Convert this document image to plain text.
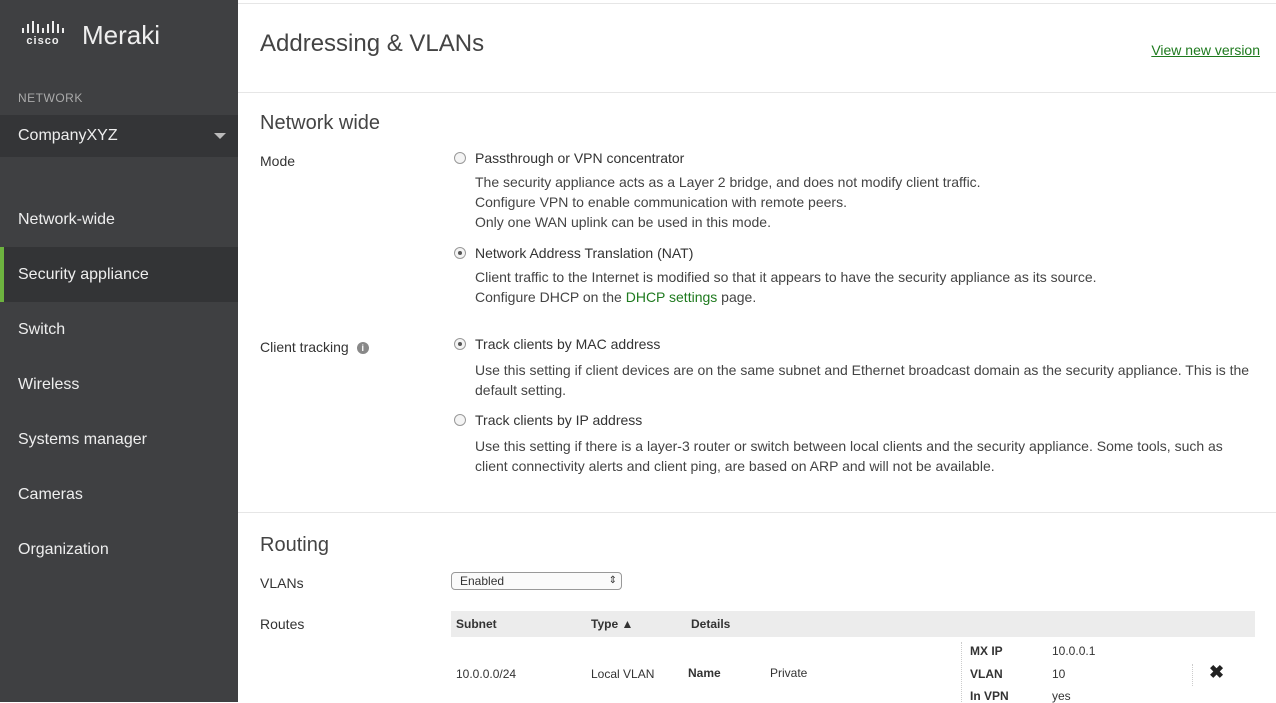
cisco Meraki
NETWORK
CompanyXYZ
Network-wide
Security appliance
Switch
Wireless
Systems manager
Cameras
Organization
Addressing & VLANs	View new version
Network wide
Mode	Passthrough or VPN concentrator
The security appliance acts as a Layer 2 bridge, and does not modify client traffic.
Configure VPN to enable communication with remote peers.
Only one WAN uplink can be used in this mode.
Network Address Translation (NAT)
Client traffic to the Internet is modified so that it appears to have the security appliance as its source.
Configure DHCP on the DHCP settings page.
Client tracking i	Track clients by MAC address
Use this setting if client devices are on the same subnet and Ethernet broadcast domain as the security appliance. This is the default setting.
Track clients by IP address
Use this setting if there is a layer-3 router or switch between local clients and the security appliance. Some tools, such as client connectivity alerts and client ping, are based on ARP and will not be available.
Routing
VLANs	Enabled ⇕
Routes	Subnet	Type ▲	Details
10.0.0.0/24	Local VLAN	Name	Private
MX IP	10.0.0.1
VLAN	10
In VPN	yes
✖
